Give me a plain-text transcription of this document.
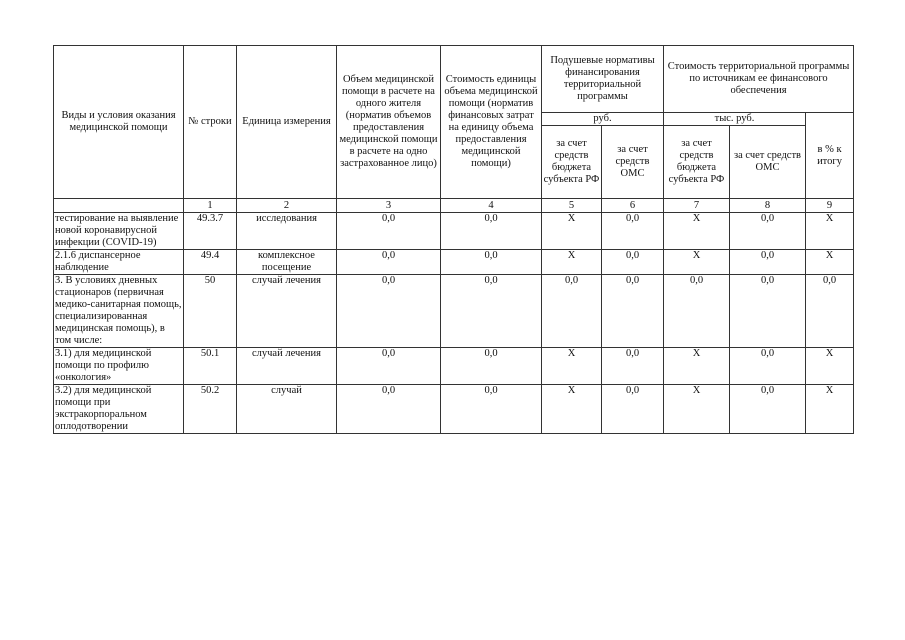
Виды и условия оказания медицинской помощи	№ строки	Единица измерения	Объем медицинской помощи в расчете на одного жителя (норматив объемов предоставления медицинской помощи в расчете на одно застрахованное лицо)	Стоимость единицы объема медицинской помощи (норматив финансовых затрат на единицу объема предоставления медицинской помощи)	Подушевые нормативы финансирования территориальной программы		Стоимость территориальной программы по источникам ее финансового обеспечения		
					руб.		тыс. руб.		в % к итогу
					за счет средств бюджета субъекта РФ	за счет средств ОМС	за счет средств бюджета субъекта РФ	за счет средств ОМС	
	1	2	3	4	5	6	7	8	9
тестирование на выявление новой коронавирусной инфекции (COVID-19)	49.3.7	исследования	0,0	0,0	Х	0,0	Х	0,0	Х
2.1.6 диспансерное наблюдение	49.4	комплексное посещение	0,0	0,0	Х	0,0	Х	0,0	Х
3. В условиях дневных стационаров (первичная медико-санитарная помощь, специализированная медицинская помощь), в том числе:	50	случай лечения	0,0	0,0	0,0	0,0	0,0	0,0	0,0
3.1) для медицинской помощи по профилю «онкология»	50.1	случай лечения	0,0	0,0	Х	0,0	Х	0,0	Х
3.2) для медицинской помощи при экстракорпоральном оплодотворении	50.2	случай	0,0	0,0	Х	0,0	Х	0,0	Х
